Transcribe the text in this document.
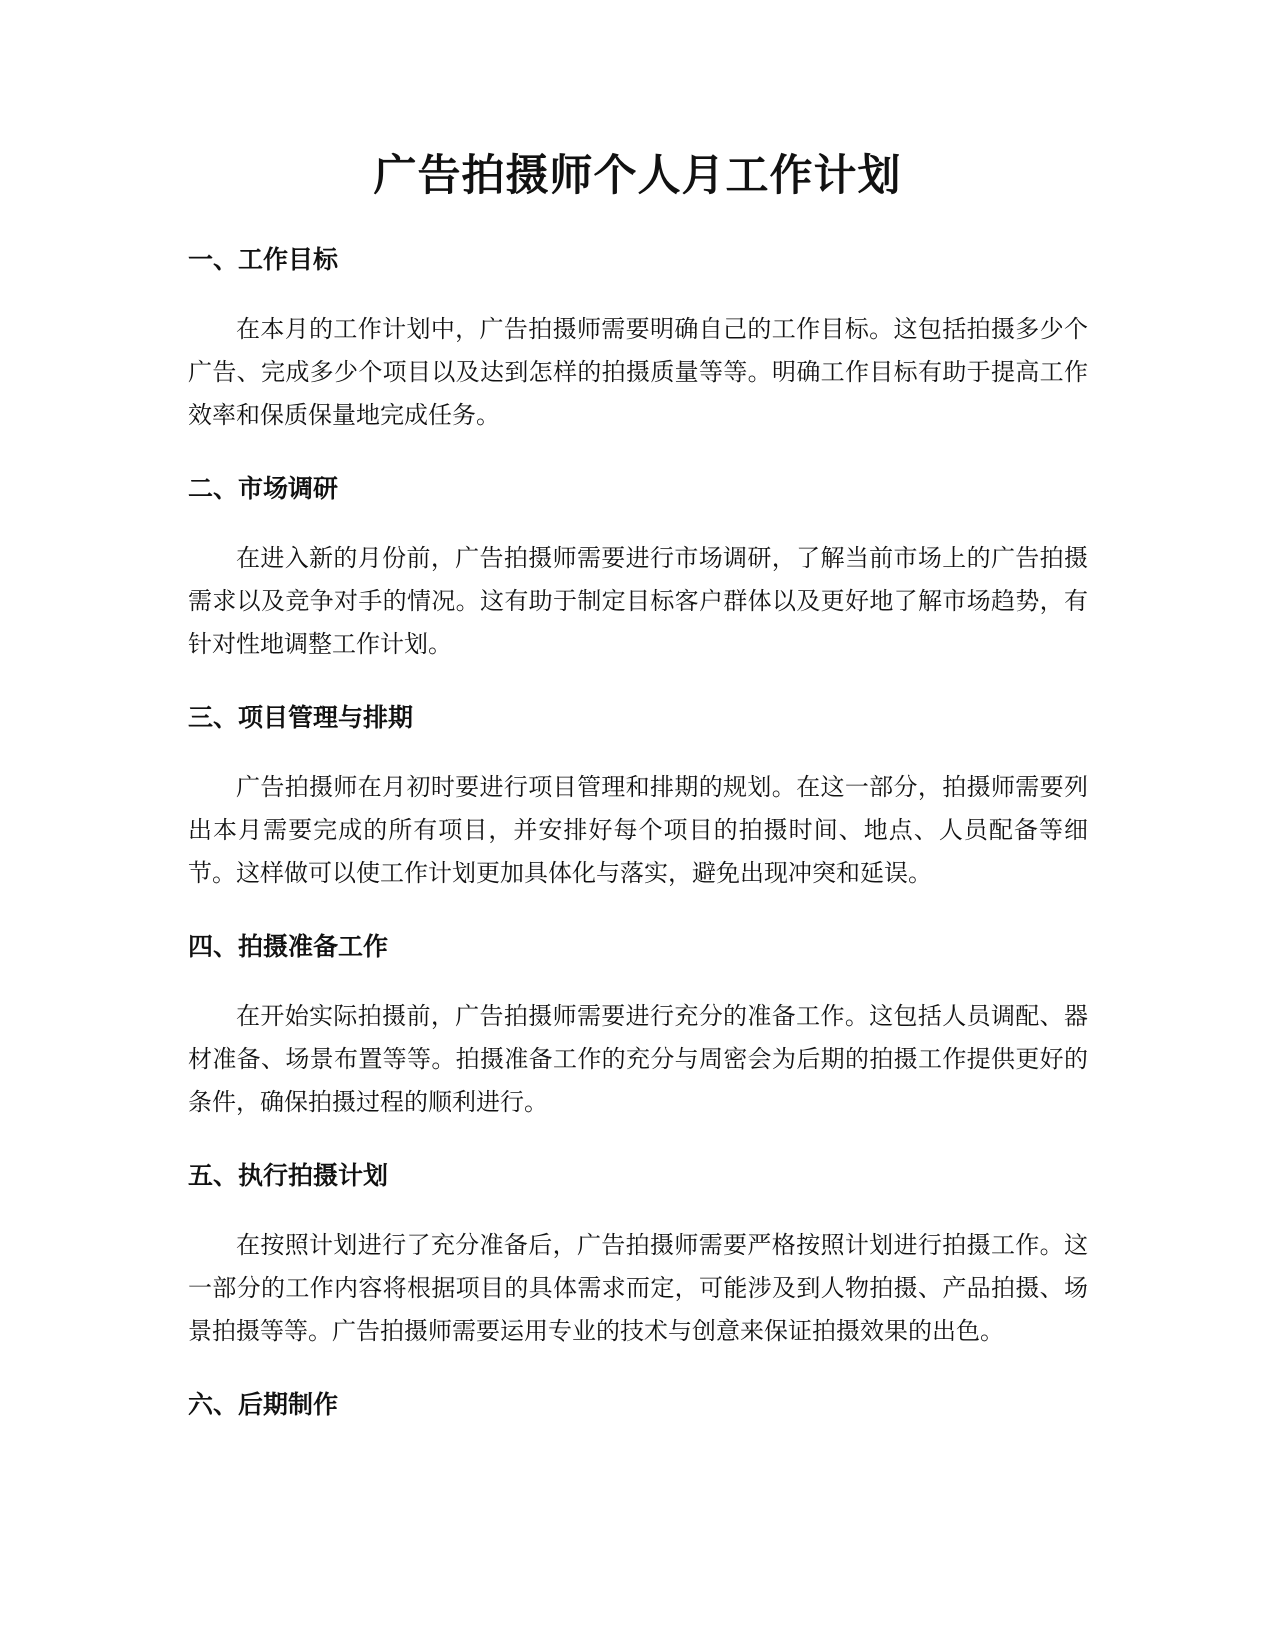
广告拍摄师个人月工作计划
一、工作目标

在本月的工作计划中，广告拍摄师需要明确自己的工作目标。这包括拍摄多少个广告、完成多少个项目以及达到怎样的拍摄质量等等。明确工作目标有助于提高工作效率和保质保量地完成任务。

二、市场调研

在进入新的月份前，广告拍摄师需要进行市场调研，了解当前市场上的广告拍摄需求以及竞争对手的情况。这有助于制定目标客户群体以及更好地了解市场趋势，有针对性地调整工作计划。

三、项目管理与排期

广告拍摄师在月初时要进行项目管理和排期的规划。在这一部分，拍摄师需要列出本月需要完成的所有项目，并安排好每个项目的拍摄时间、地点、人员配备等细节。这样做可以使工作计划更加具体化与落实，避免出现冲突和延误。

四、拍摄准备工作

在开始实际拍摄前，广告拍摄师需要进行充分的准备工作。这包括人员调配、器材准备、场景布置等等。拍摄准备工作的充分与周密会为后期的拍摄工作提供更好的条件，确保拍摄过程的顺利进行。

五、执行拍摄计划

在按照计划进行了充分准备后，广告拍摄师需要严格按照计划进行拍摄工作。这一部分的工作内容将根据项目的具体需求而定，可能涉及到人物拍摄、产品拍摄、场景拍摄等等。广告拍摄师需要运用专业的技术与创意来保证拍摄效果的出色。

六、后期制作
